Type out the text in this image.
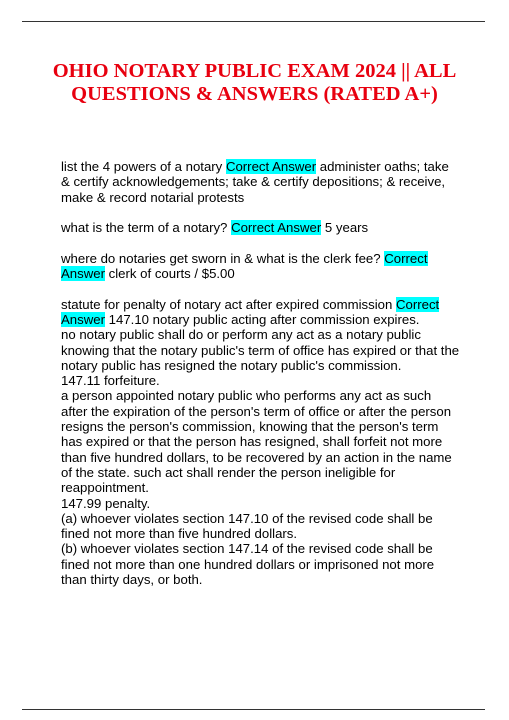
OHIO NOTARY PUBLIC EXAM 2024 || ALL QUESTIONS & ANSWERS (RATED A+)

list the 4 powers of a notary Correct Answer administer oaths; take & certify acknowledgements; take & certify depositions; & receive, make & record notarial protests

what is the term of a notary? Correct Answer 5 years

where do notaries get sworn in & what is the clerk fee? Correct Answer clerk of courts / $5.00

statute for penalty of notary act after expired commission Correct Answer 147.10 notary public acting after commission expires.
no notary public shall do or perform any act as a notary public knowing that the notary public's term of office has expired or that the notary public has resigned the notary public's commission.
147.11 forfeiture.
a person appointed notary public who performs any act as such after the expiration of the person's term of office or after the person resigns the person's commission, knowing that the person's term has expired or that the person has resigned, shall forfeit not more than five hundred dollars, to be recovered by an action in the name of the state. such act shall render the person ineligible for reappointment.
147.99 penalty.
(a) whoever violates section 147.10 of the revised code shall be fined not more than five hundred dollars.
(b) whoever violates section 147.14 of the revised code shall be fined not more than one hundred dollars or imprisoned not more than thirty days, or both.
